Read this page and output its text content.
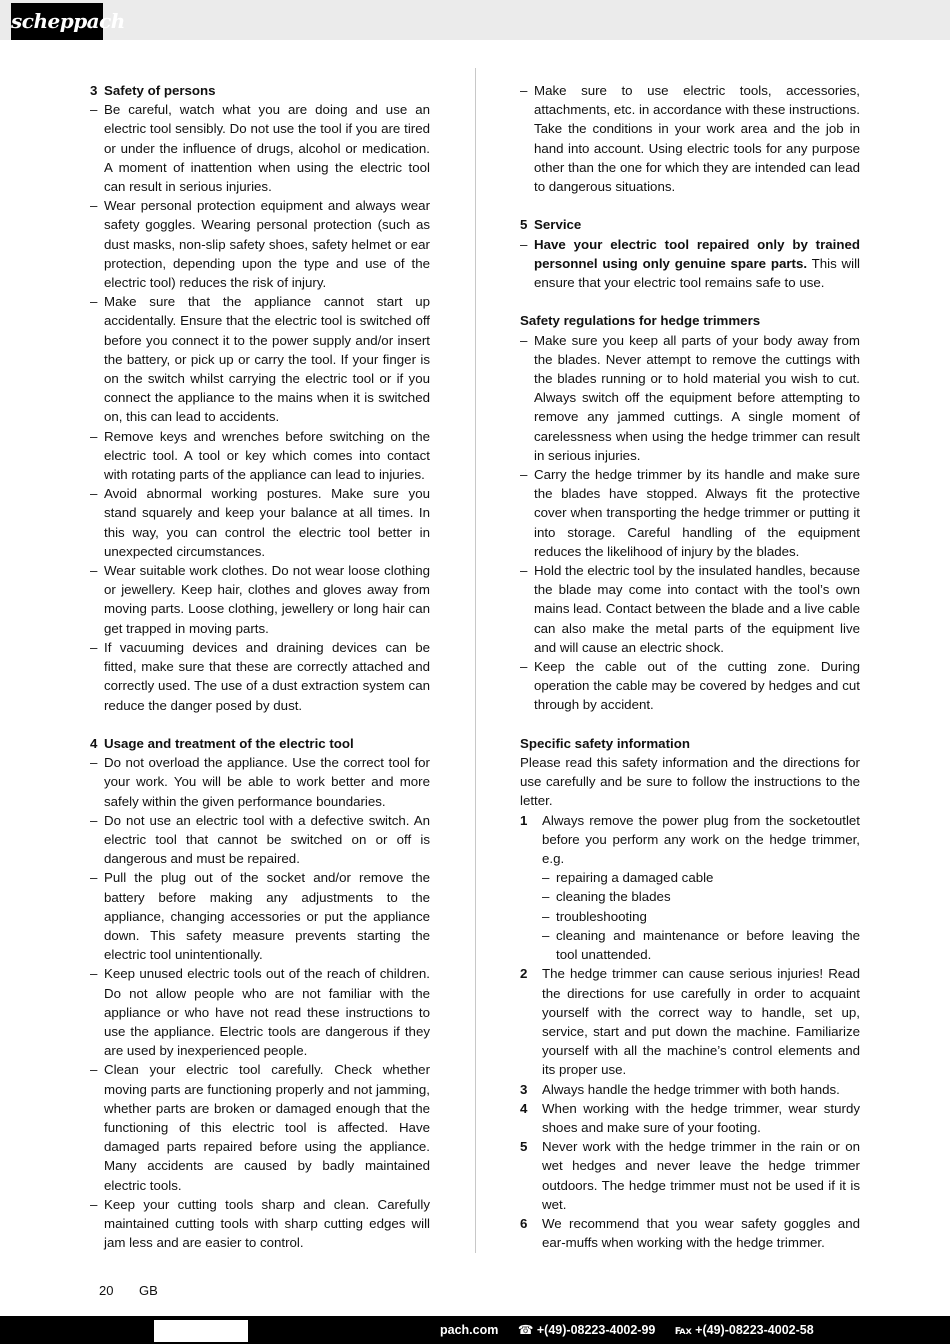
scheppach
3 Safety of persons
– Be careful, watch what you are doing and use an electric tool sensibly. Do not use the tool if you are tired or under the influence of drugs, alcohol or medication. A moment of inattention when using the electric tool can result in serious injuries.
– Wear personal protection equipment and always wear safety goggles. Wearing personal protection (such as dust masks, non-slip safety shoes, safety helmet or ear protection, depending upon the type and use of the electric tool) reduces the risk of injury.
– Make sure that the appliance cannot start up accidentally. Ensure that the electric tool is switched off before you connect it to the power supply and/or insert the battery, or pick up or carry the tool. If your finger is on the switch whilst carrying the electric tool or if you connect the appliance to the mains when it is switched on, this can lead to accidents.
– Remove keys and wrenches before switching on the electric tool. A tool or key which comes into contact with rotating parts of the appliance can lead to injuries.
– Avoid abnormal working postures. Make sure you stand squarely and keep your balance at all times. In this way, you can control the electric tool better in unexpected circumstances.
– Wear suitable work clothes. Do not wear loose clothing or jewellery. Keep hair, clothes and gloves away from moving parts. Loose clothing, jewellery or long hair can get trapped in moving parts.
– If vacuuming devices and draining devices can be fitted, make sure that these are correctly attached and correctly used. The use of a dust extraction system can reduce the danger posed by dust.
4 Usage and treatment of the electric tool
– Do not overload the appliance. Use the correct tool for your work. You will be able to work better and more safely within the given performance boundaries.
– Do not use an electric tool with a defective switch. An electric tool that cannot be switched on or off is dangerous and must be repaired.
– Pull the plug out of the socket and/or remove the battery before making any adjustments to the appliance, changing accessories or put the appliance down. This safety measure prevents starting the electric tool unintentionally.
– Keep unused electric tools out of the reach of children. Do not allow people who are not familiar with the appliance or who have not read these instructions to use the appliance. Electric tools are dangerous if they are used by inexperienced people.
– Clean your electric tool carefully. Check whether moving parts are functioning properly and not jamming, whether parts are broken or damaged enough that the functioning of this electric tool is affected. Have damaged parts repaired before using the appliance. Many accidents are caused by badly maintained electric tools.
– Keep your cutting tools sharp and clean. Carefully maintained cutting tools with sharp cutting edges will jam less and are easier to control.
– Make sure to use electric tools, accessories, attachments, etc. in accordance with these instructions. Take the conditions in your work area and the job in hand into account. Using electric tools for any purpose other than the one for which they are intended can lead to dangerous situations.
5 Service
– Have your electric tool repaired only by trained personnel using only genuine spare parts. This will ensure that your electric tool remains safe to use.
Safety regulations for hedge trimmers
– Make sure you keep all parts of your body away from the blades. Never attempt to remove the cuttings with the blades running or to hold material you wish to cut. Always switch off the equipment before attempting to remove any jammed cuttings. A single moment of carelessness when using the hedge trimmer can result in serious injuries.
– Carry the hedge trimmer by its handle and make sure the blades have stopped. Always fit the protective cover when transporting the hedge trimmer or putting it into storage. Careful handling of the equipment reduces the likelihood of injury by the blades.
– Hold the electric tool by the insulated handles, because the blade may come into contact with the tool’s own mains lead. Contact between the blade and a live cable can also make the metal parts of the equipment live and will cause an electric shock.
– Keep the cable out of the cutting zone. During operation the cable may be covered by hedges and cut through by accident.
Specific safety information
Please read this safety information and the directions for use carefully and be sure to follow the instructions to the letter.
1	Always remove the power plug from the socketoutlet before you perform any work on the hedge trimmer, e.g.
– repairing a damaged cable
– cleaning the blades
– troubleshooting
– cleaning and maintenance or before leaving the tool unattended.
2	The hedge trimmer can cause serious injuries! Read the directions for use carefully in order to acquaint yourself with the correct way to handle, set up, service, start and put down the machine. Familiarize yourself with all the machine’s control elements and its proper use.
3	Always handle the hedge trimmer with both hands.
4	When working with the hedge trimmer, wear sturdy shoes and make sure of your footing.
5	Never work with the hedge trimmer in the rain or on wet hedges and never leave the hedge trimmer outdoors. The hedge trimmer must not be used if it is wet.
6	We recommend that you wear safety goggles and ear-muffs when working with the hedge trimmer.
20 GB
pach.com ☎ +(49)-08223-4002-99 ℻ +(49)-08223-4002-58
